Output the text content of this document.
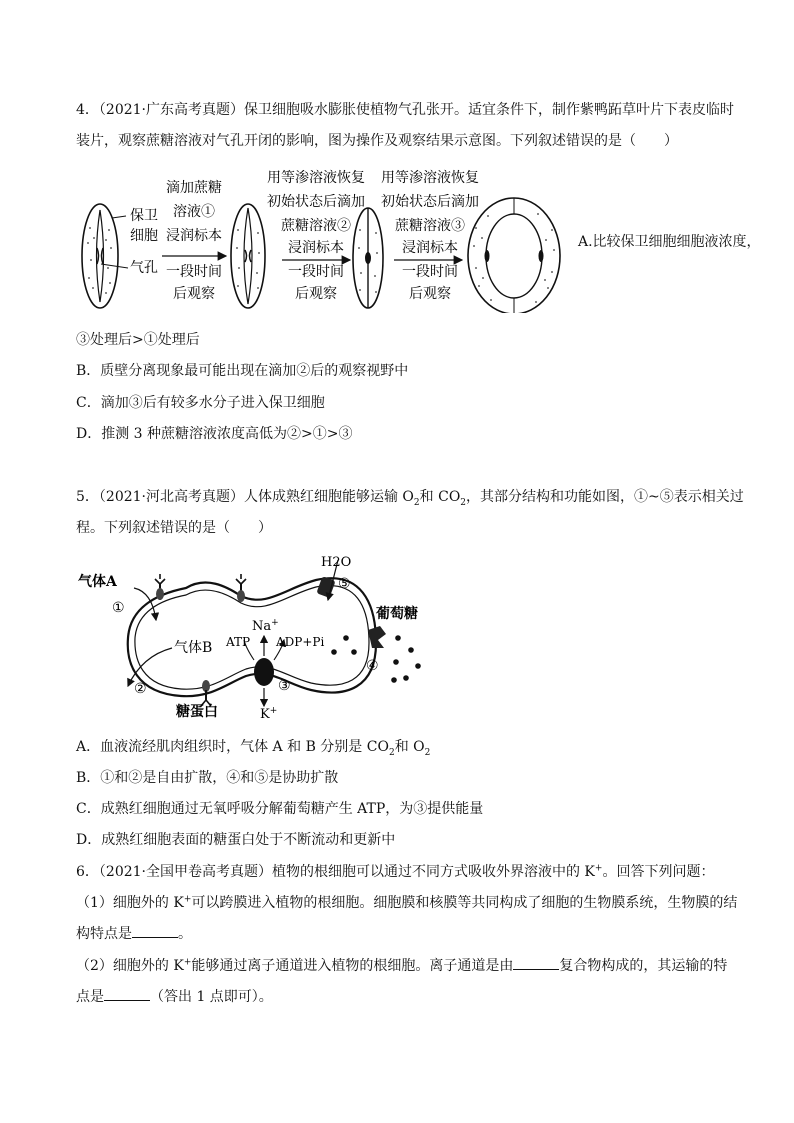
4．（2021·广东高考真题）保卫细胞吸水膨胀使植物气孔张开。适宜条件下，制作紫鸭跖草叶片下表皮临时
装片，观察蔗糖溶液对气孔开闭的影响，图为操作及观察结果示意图。下列叙述错误的是（　　）
保卫
细胞
气孔
滴加蔗糖
溶液①
浸润标本
一段时间
后观察
用等渗溶液恢复
初始状态后滴加
蔗糖溶液②
浸润标本
一段时间
后观察
用等渗溶液恢复
初始状态后滴加
蔗糖溶液③
浸润标本
一段时间
后观察
A.比较保卫细胞细胞液浓度，
③处理后>①处理后
B．质壁分离现象最可能出现在滴加②后的观察视野中
C．滴加③后有较多水分子进入保卫细胞
D．推测 3 种蔗糖溶液浓度高低为②>①>③
5．（2021·河北高考真题）人体成熟红细胞能够运输 $O_2$和 $CO_2$，其部分结构和功能如图，①~⑤表示相关过
程。下列叙述错误的是（　　）
H2O
⑤
葡萄糖
④
Na+
ATP ADP+Pi
K+
③
气体A
①
气体B
②
糖蛋白
A．血液流经肌肉组织时，气体 A 和 B 分别是 $CO_2$和 $O_2$
B．①和②是自由扩散，④和⑤是协助扩散
C．成熟红细胞通过无氧呼吸分解葡萄糖产生 ATP，为③提供能量
D．成熟红细胞表面的糖蛋白处于不断流动和更新中
6．（2021·全国甲卷高考真题）植物的根细胞可以通过不同方式吸收外界溶液中的 K+。回答下列问题：
（1）细胞外的 K+可以跨膜进入植物的根细胞。细胞膜和核膜等共同构成了细胞的生物膜系统，生物膜的结
构特点是	。
（2）细胞外的 K+能够通过离子通道进入植物的根细胞。离子通道是由	复合物构成的，其运输的特
点是	（答出 1 点即可）。
